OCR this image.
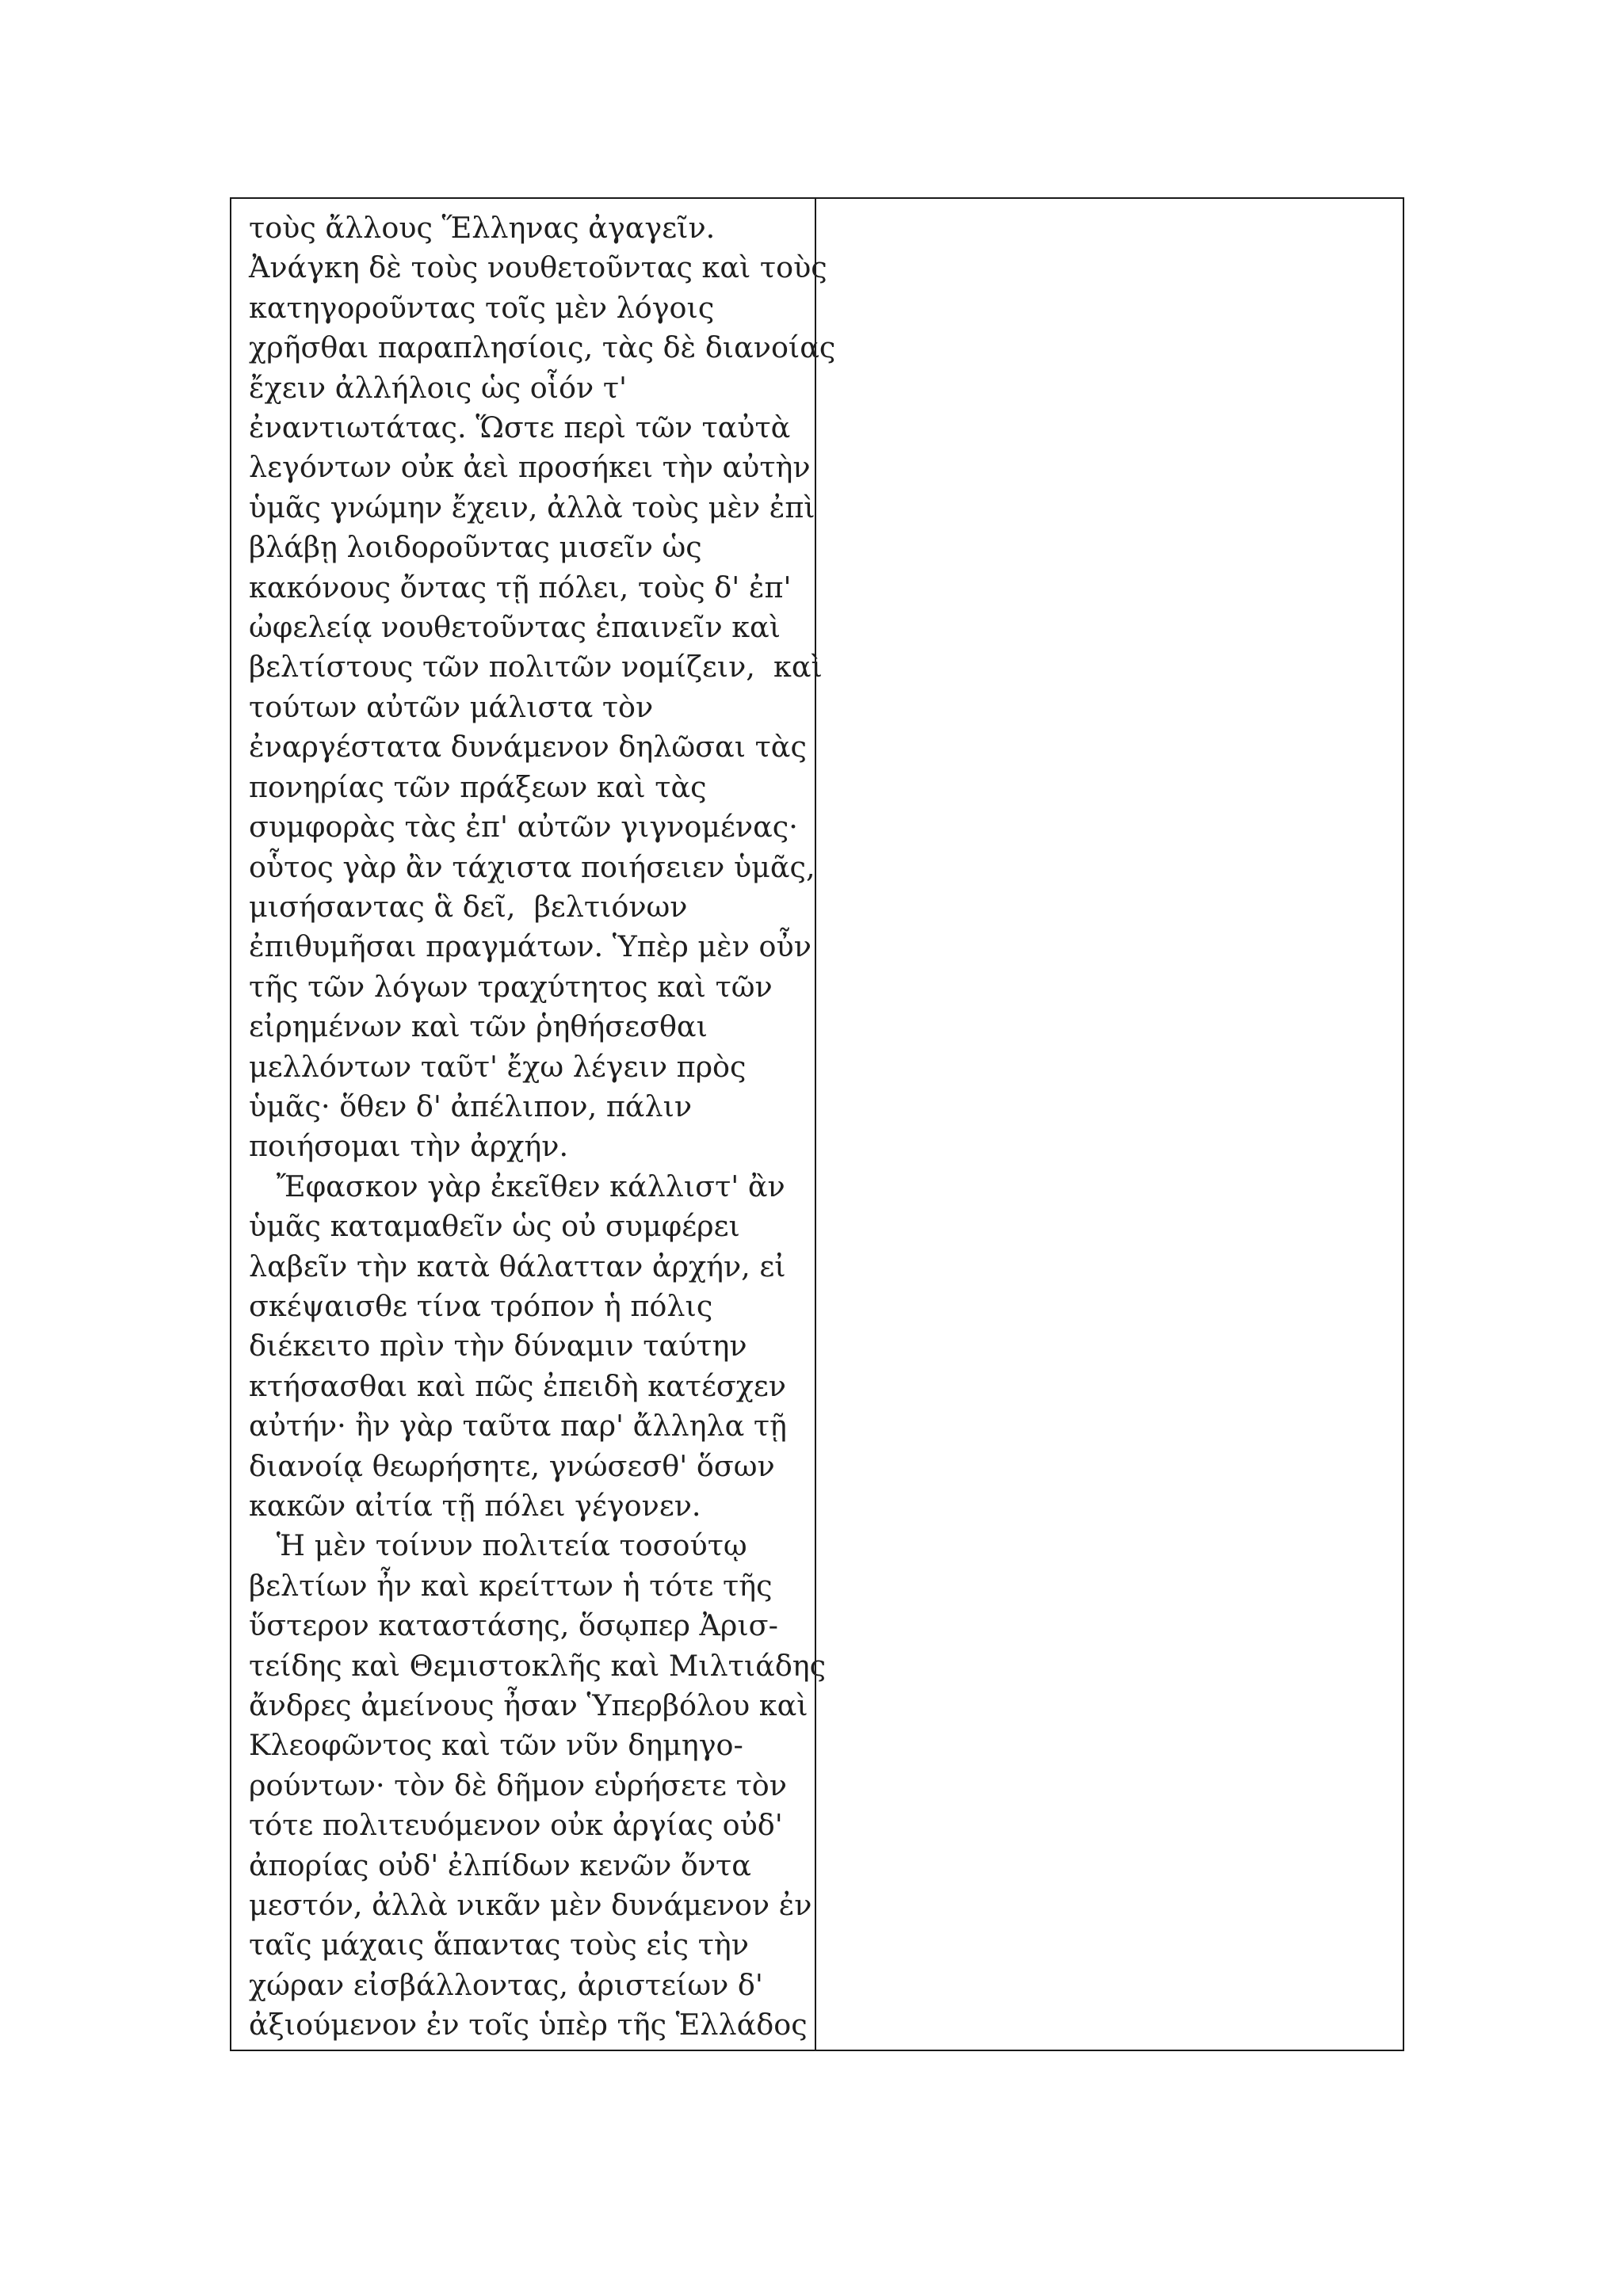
τοὺς ἄλλους Ἕλληνας ἀγαγεῖν.
Ἀνάγκη δὲ τοὺς νουθετοῦντας καὶ τοὺς
κατηγοροῦντας τοῖς μὲν λόγοις
χρῆσθαι παραπλησίοις, τὰς δὲ διανοίας
ἔχειν ἀλλήλοις ὡς οἷόν τ'
ἐναντιωτάτας. Ὥστε περὶ τῶν ταὐτὰ
λεγόντων οὐκ ἀεὶ προσήκει τὴν αὐτὴν
ὑμᾶς γνώμην ἔχειν, ἀλλὰ τοὺς μὲν ἐπὶ
βλάβῃ λοιδοροῦντας μισεῖν ὡς
κακόνους ὄντας τῇ πόλει, τοὺς δ' ἐπ'
ὠφελείᾳ νουθετοῦντας ἐπαινεῖν καὶ
βελτίστους τῶν πολιτῶν νομίζειν,  καὶ
τούτων αὐτῶν μάλιστα τὸν
ἐναργέστατα δυνάμενον δηλῶσαι τὰς
πονηρίας τῶν πράξεων καὶ τὰς
συμφορὰς τὰς ἐπ' αὐτῶν γιγνομένας·
οὗτος γὰρ ἂν τάχιστα ποιήσειεν ὑμᾶς,
μισήσαντας ἃ δεῖ,  βελτιόνων
ἐπιθυμῆσαι πραγμάτων. Ὑπὲρ μὲν οὖν
τῆς τῶν λόγων τραχύτητος καὶ τῶν
εἰρημένων καὶ τῶν ῥηθήσεσθαι
μελλόντων ταῦτ' ἔχω λέγειν πρὸς
ὑμᾶς· ὅθεν δ' ἀπέλιπον, πάλιν
ποιήσομαι τὴν ἀρχήν.
Ἔφασκον γὰρ ἐκεῖθεν κάλλιστ' ἂν
ὑμᾶς καταμαθεῖν ὡς οὐ συμφέρει
λαβεῖν τὴν κατὰ θάλατταν ἀρχήν, εἰ
σκέψαισθε τίνα τρόπον ἡ πόλις
διέκειτο πρὶν τὴν δύναμιν ταύτην
κτήσασθαι καὶ πῶς ἐπειδὴ κατέσχεν
αὐτήν· ἢν γὰρ ταῦτα παρ' ἄλληλα τῇ
διανοίᾳ θεωρήσητε, γνώσεσθ' ὅσων
κακῶν αἰτία τῇ πόλει γέγονεν.
Ἡ μὲν τοίνυν πολιτεία τοσούτῳ
βελτίων ἦν καὶ κρείττων ἡ τότε τῆς
ὕστερον καταστάσης, ὅσῳπερ Ἀρισ-
τείδης καὶ Θεμιστοκλῆς καὶ Μιλτιάδης
ἄνδρες ἀμείνους ἦσαν Ὑπερβόλου καὶ
Κλεοφῶντος καὶ τῶν νῦν δημηγο-
ρούντων· τὸν δὲ δῆμον εὑρήσετε τὸν
τότε πολιτευόμενον οὐκ ἀργίας οὐδ'
ἀπορίας οὐδ' ἐλπίδων κενῶν ὄντα
μεστόν, ἀλλὰ νικᾶν μὲν δυνάμενον ἐν
ταῖς μάχαις ἅπαντας τοὺς εἰς τὴν
χώραν εἰσβάλλοντας, ἀριστείων δ'
ἀξιούμενον ἐν τοῖς ὑπὲρ τῆς Ἑλλάδος
